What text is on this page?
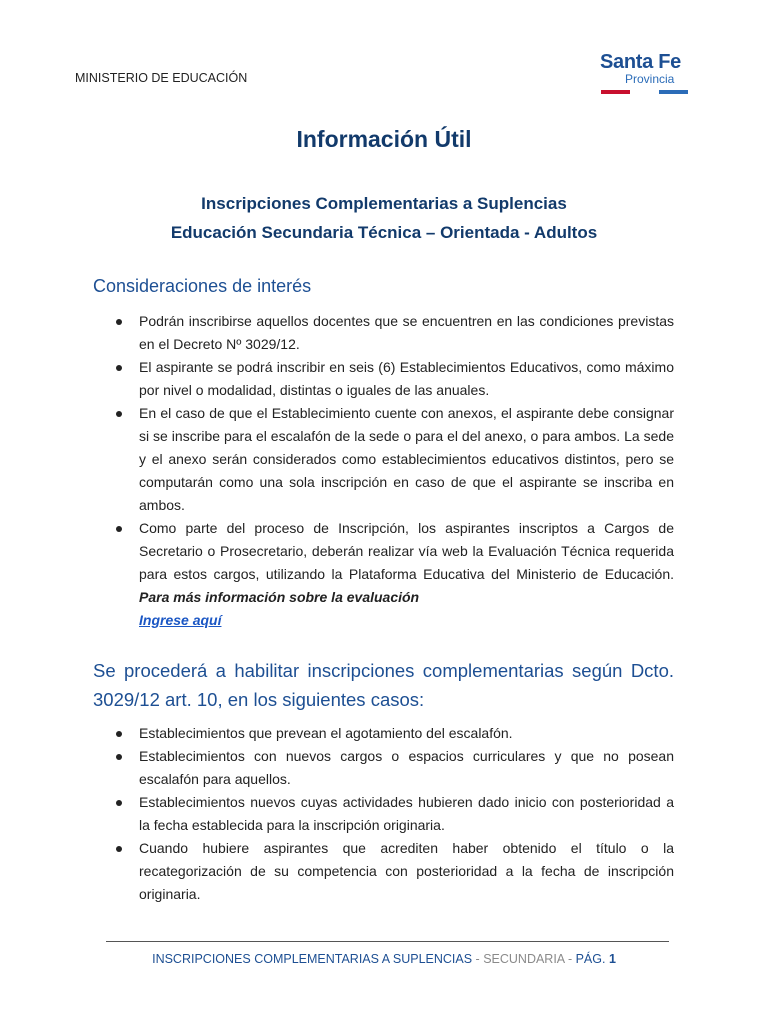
MINISTERIO DE EDUCACIÓN
Santa Fe
Provincia
Información Útil
Inscripciones Complementarias a Suplencias
Educación Secundaria Técnica – Orientada - Adultos
Consideraciones de interés
Podrán inscribirse aquellos docentes que se encuentren en las condiciones previstas en el Decreto Nº 3029/12.
El aspirante se podrá inscribir en seis (6) Establecimientos Educativos, como máximo por nivel o modalidad, distintas o iguales de las anuales.
En el caso de que el Establecimiento cuente con anexos, el aspirante debe consignar si se inscribe para el escalafón de la sede o para el del anexo, o para ambos. La sede y el anexo serán considerados como establecimientos educativos distintos, pero se computarán como una sola inscripción en caso de que el aspirante se inscriba en ambos.
Como parte del proceso de Inscripción, los aspirantes inscriptos a Cargos de Secretario o Prosecretario, deberán realizar vía web la Evaluación Técnica requerida para estos cargos, utilizando la Plataforma Educativa del Ministerio de Educación. Para más información sobre la evaluación
Ingrese aquí
Se procederá a habilitar inscripciones complementarias según Dcto. 3029/12 art. 10, en los siguientes casos:
Establecimientos que prevean el agotamiento del escalafón.
Establecimientos con nuevos cargos o espacios curriculares y que no posean escalafón para aquellos.
Establecimientos nuevos cuyas actividades hubieren dado inicio con posterioridad a la fecha establecida para la inscripción originaria.
Cuando hubiere aspirantes que acrediten haber obtenido el título o la recategorización de su competencia con posterioridad a la fecha de inscripción originaria.
INSCRIPCIONES COMPLEMENTARIAS A SUPLENCIAS - SECUNDARIA - PÁG. 1
